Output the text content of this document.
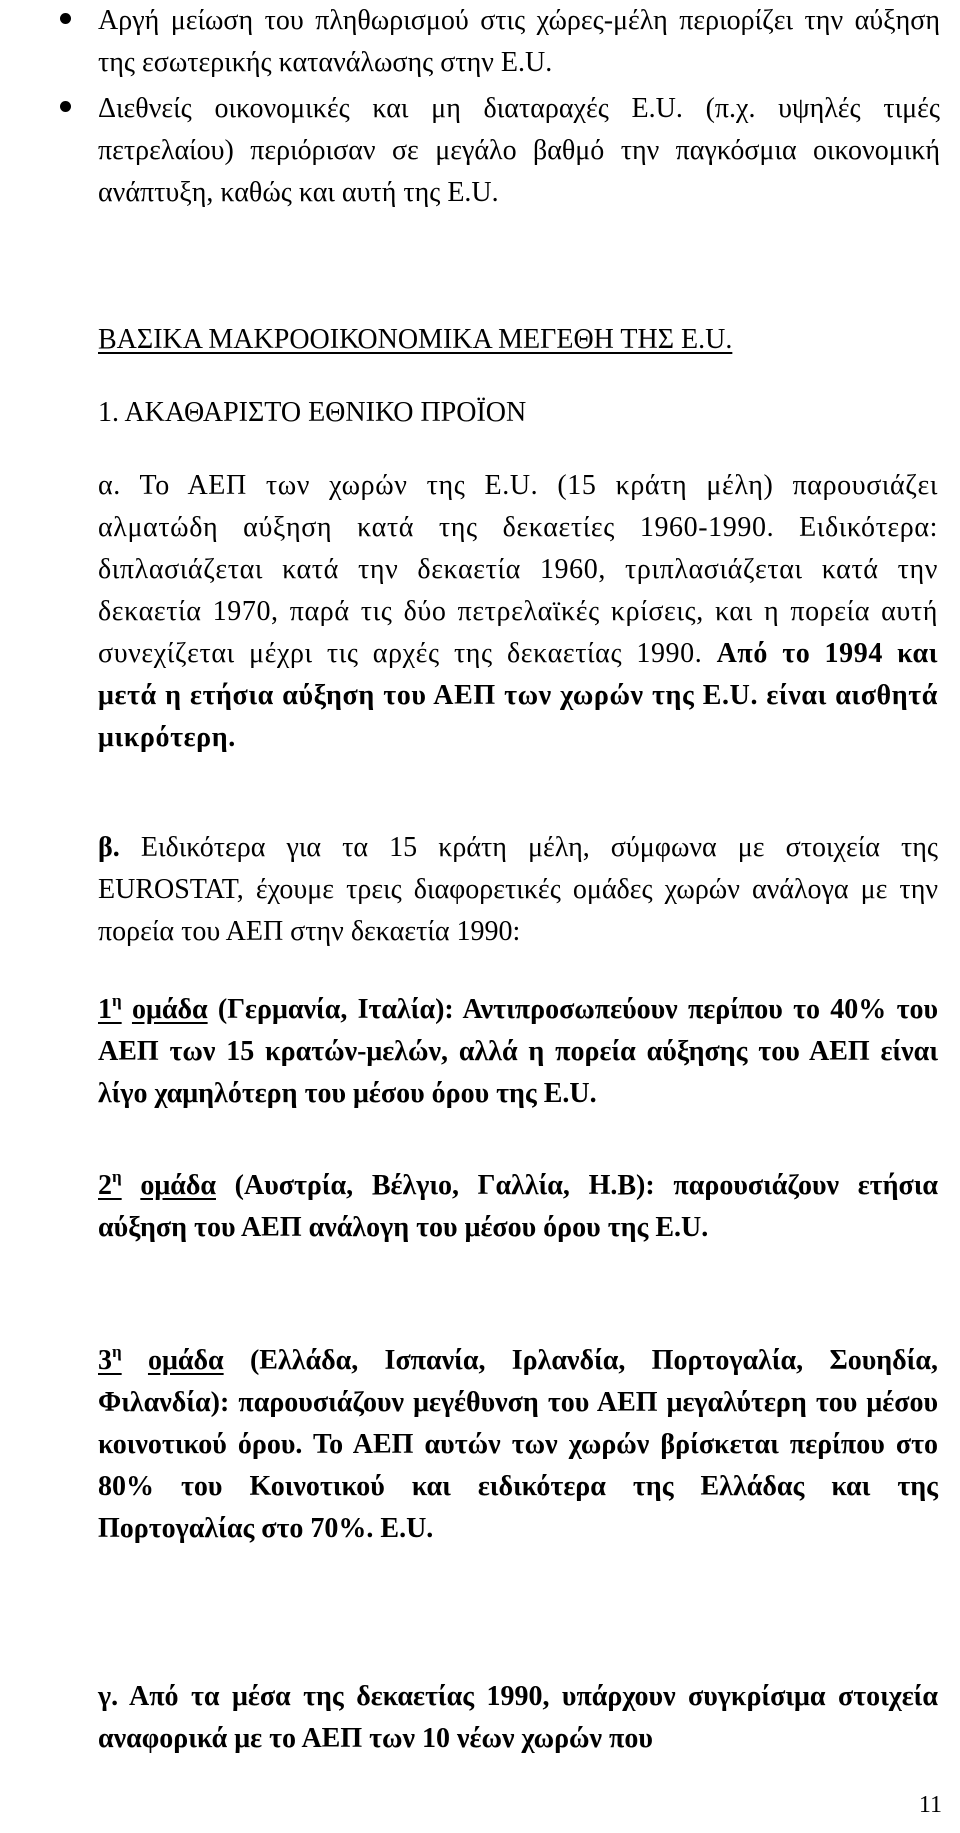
Αργή μείωση του πληθωρισμού στις χώρες-μέλη περιορίζει την αύξηση της εσωτερικής κατανάλωσης στην E.U.
Διεθνείς οικονομικές και μη διαταραχές E.U. (π.χ. υψηλές τιμές πετρελαίου) περιόρισαν σε μεγάλο βαθμό την παγκόσμια οικονομική ανάπτυξη, καθώς και αυτή της E.U.

ΒΑΣΙΚΑ ΜΑΚΡΟΟΙΚΟΝΟΜΙΚΑ ΜΕΓΕΘΗ ΤΗΣ E.U.

1. ΑΚΑΘΑΡΙΣΤΟ ΕΘΝΙΚΟ ΠΡΟΪΟΝ

α. Το ΑΕΠ των χωρών της E.U. (15 κράτη μέλη) παρουσιάζει αλματώδη αύξηση κατά της δεκαετίες 1960-1990. Ειδικότερα: διπλασιάζεται κατά την δεκαετία 1960, τριπλασιάζεται κατά την δεκαετία 1970, παρά τις δύο πετρελαϊκές κρίσεις, και η πορεία αυτή συνεχίζεται μέχρι τις αρχές της δεκαετίας 1990. Από το 1994 και μετά η ετήσια αύξηση του ΑΕΠ των χωρών της E.U. είναι αισθητά μικρότερη.

β. Ειδικότερα για τα 15 κράτη μέλη, σύμφωνα με στοιχεία της EUROSTAT, έχουμε τρεις διαφορετικές ομάδες χωρών ανάλογα με την πορεία του ΑΕΠ στην δεκαετία 1990:

$1^\eta$ ομάδα (Γερμανία, Ιταλία): Αντιπροσωπεύουν περίπου το 40% του ΑΕΠ των 15 κρατών-μελών, αλλά η πορεία αύξησης του ΑΕΠ είναι λίγο χαμηλότερη του μέσου όρου της E.U.

$2^\eta$ ομάδα (Αυστρία, Βέλγιο, Γαλλία, Η.Β): παρουσιάζουν ετήσια αύξηση του ΑΕΠ ανάλογη του μέσου όρου της E.U.

$3^\eta$ ομάδα (Ελλάδα, Ισπανία, Ιρλανδία, Πορτογαλία, Σουηδία, Φιλανδία): παρουσιάζουν μεγέθυνση του ΑΕΠ μεγαλύτερη του μέσου κοινοτικού όρου. Το ΑΕΠ αυτών των χωρών βρίσκεται περίπου στο 80% του Κοινοτικού και ειδικότερα της Ελλάδας και της Πορτογαλίας στο 70%. E.U.

γ. Από τα μέσα της δεκαετίας 1990, υπάρχουν συγκρίσιμα στοιχεία αναφορικά με το ΑΕΠ των 10 νέων χωρών που

11
